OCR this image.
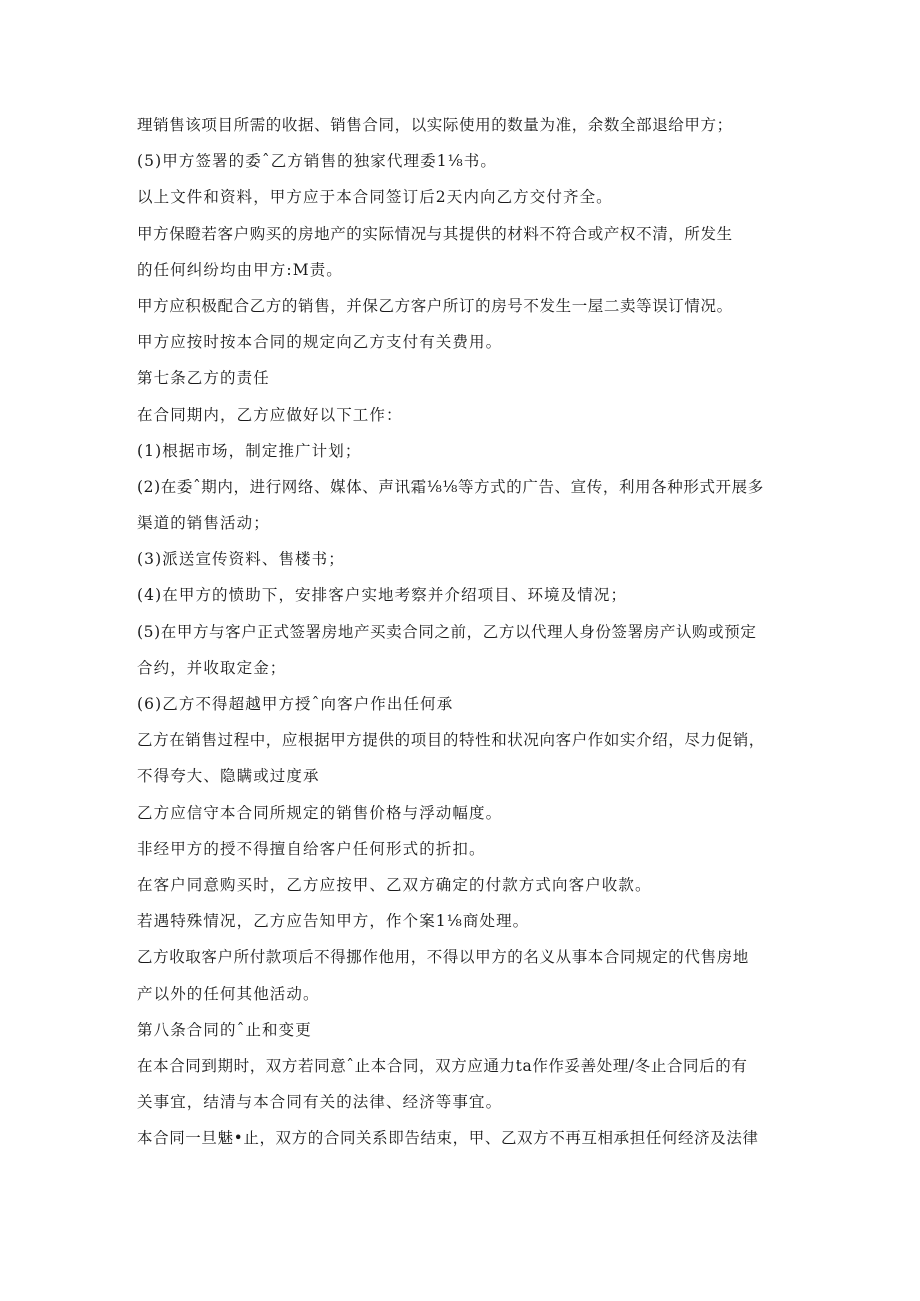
理销售该项目所需的收据、销售合同，以实际使用的数量为准，余数全部退给甲方；
(5)甲方签署的委ˆ乙方销售的独家代理委1⅛书。
以上文件和资料，甲方应于本合同签订后2天内向乙方交付齐全。
甲方保瞪若客户购买的房地产的实际情况与其提供的材料不符合或产权不清，所发生
的任何纠纷均由甲方:M责。
甲方应积极配合乙方的销售，并保乙方客户所订的房号不发生一屋二卖等误订情况。
甲方应按时按本合同的规定向乙方支付有关费用。
第七条乙方的责任
在合同期内，乙方应做好以下工作：
(1)根据市场，制定推广计划；
(2)在委ˆ期内，进行网络、媒体、声讯霜⅛⅛等方式的广告、宣传，利用各种形式开展多
渠道的销售活动；
(3)派送宣传资料、售楼书；
(4)在甲方的愤助下，安排客户实地考察并介绍项目、环境及情况；
(5)在甲方与客户正式签署房地产买卖合同之前，乙方以代理人身份签署房产认购或预定
合约，并收取定金；
(6)乙方不得超越甲方授ˆ向客户作出任何承
乙方在销售过程中，应根据甲方提供的项目的特性和状况向客户作如实介绍，尽力促销，
不得夸大、隐瞒或过度承
乙方应信守本合同所规定的销售价格与浮动幅度。
非经甲方的授不得擅自给客户任何形式的折扣。
在客户同意购买时，乙方应按甲、乙双方确定的付款方式向客户收款。
若遇特殊情况，乙方应告知甲方，作个案1⅛商处理。
乙方收取客户所付款项后不得挪作他用，不得以甲方的名义从事本合同规定的代售房地
产以外的任何其他活动。
第八条合同的ˆ止和变更
在本合同到期时，双方若同意ˆ止本合同，双方应通力ta作作妥善处理/冬止合同后的有
关事宜，结清与本合同有关的法律、经济等事宜。
本合同一旦魅•止，双方的合同关系即告结束，甲、乙双方不再互相承担任何经济及法律
